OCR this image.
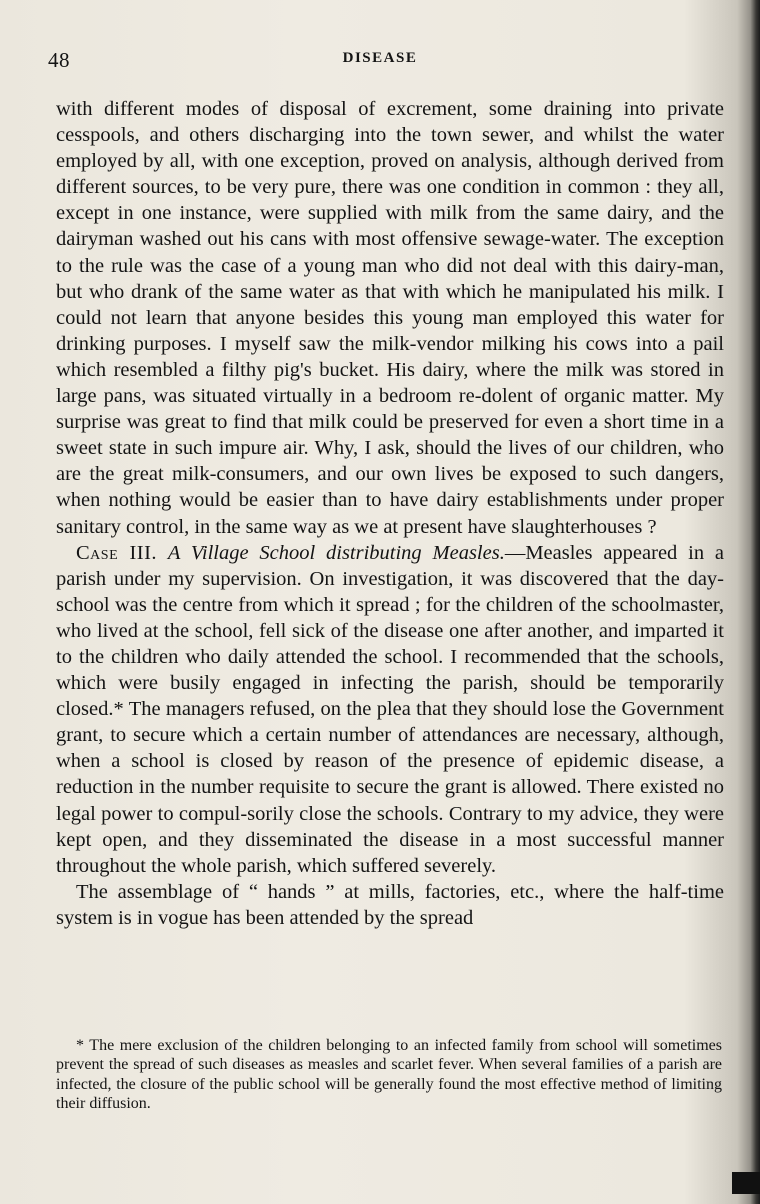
48	DISEASE

with different modes of disposal of excrement, some draining into private cesspools, and others discharging into the town sewer, and whilst the water employed by all, with one exception, proved on analysis, although derived from different sources, to be very pure, there was one condition in common : they all, except in one instance, were supplied with milk from the same dairy, and the dairyman washed out his cans with most offensive sewage-water. The exception to the rule was the case of a young man who did not deal with this dairy-man, but who drank of the same water as that with which he manipulated his milk. I could not learn that anyone besides this young man employed this water for drinking purposes. I myself saw the milk-vendor milking his cows into a pail which resembled a filthy pig's bucket. His dairy, where the milk was stored in large pans, was situated virtually in a bedroom re-dolent of organic matter. My surprise was great to find that milk could be preserved for even a short time in a sweet state in such impure air. Why, I ask, should the lives of our children, who are the great milk-consumers, and our own lives be exposed to such dangers, when nothing would be easier than to have dairy establishments under proper sanitary control, in the same way as we at present have slaughterhouses ?

Case III. A Village School distributing Measles.—Measles appeared in a parish under my supervision. On investigation, it was discovered that the day-school was the centre from which it spread ; for the children of the schoolmaster, who lived at the school, fell sick of the disease one after another, and imparted it to the children who daily attended the school. I recommended that the schools, which were busily engaged in infecting the parish, should be temporarily closed.* The managers refused, on the plea that they should lose the Government grant, to secure which a certain number of attendances are necessary, although, when a school is closed by reason of the presence of epidemic disease, a reduction in the number requisite to secure the grant is allowed. There existed no legal power to compul-sorily close the schools. Contrary to my advice, they were kept open, and they disseminated the disease in a most successful manner throughout the whole parish, which suffered severely.

The assemblage of “ hands ” at mills, factories, etc., where the half-time system is in vogue has been attended by the spread

* The mere exclusion of the children belonging to an infected family from school will sometimes prevent the spread of such diseases as measles and scarlet fever. When several families of a parish are infected, the closure of the public school will be generally found the most effective method of limiting their diffusion.
